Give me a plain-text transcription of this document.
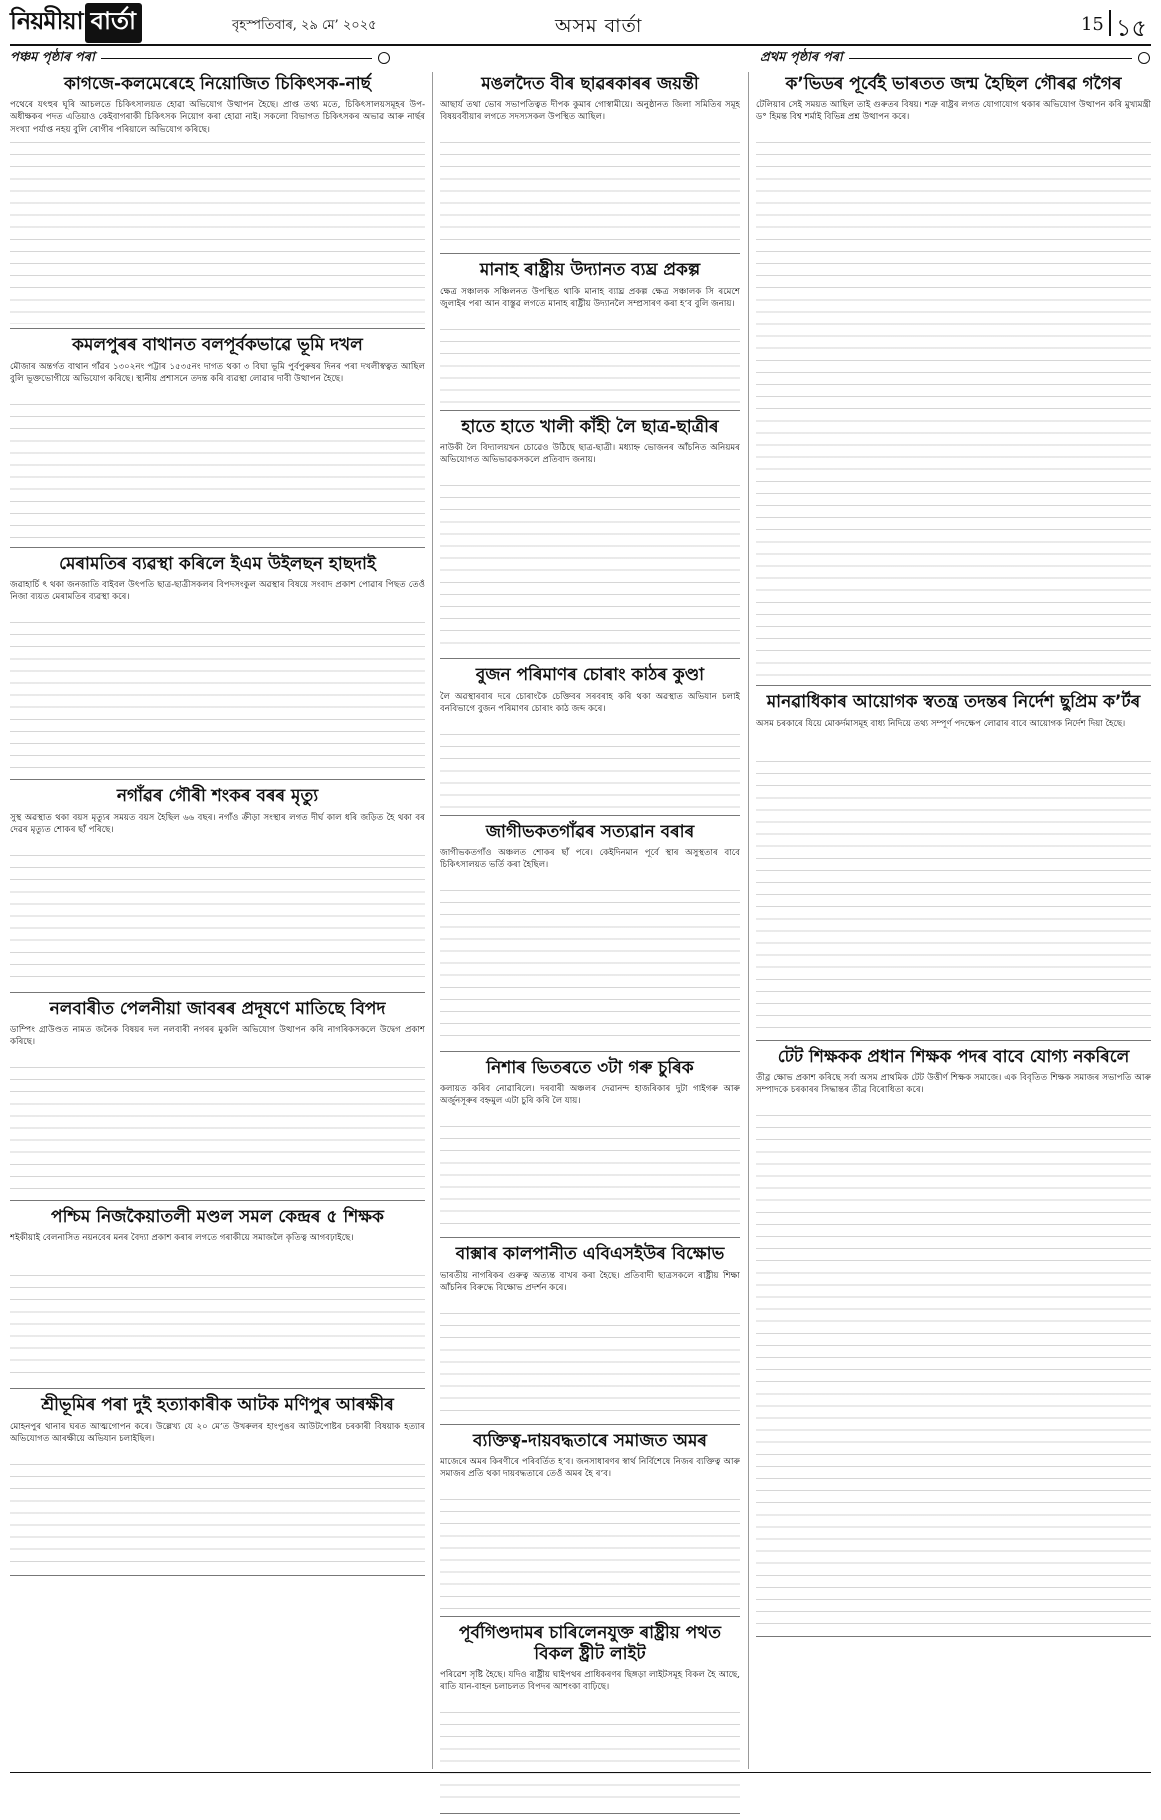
নিয়মীয়া বাৰ্তা	বৃহস্পতিবাৰ, ২৯ মে’ ২০২৫	অসম বাৰ্তা	15 ১৫
পঞ্চম পৃষ্ঠাৰ পৰা	প্ৰথম পৃষ্ঠাৰ পৰা
কাগজে-কলমেৰেহে নিয়োজিত চিকিৎসক-নাৰ্ছ
পথেৰে যৎহুৰ ঘূৰি আচলতে চিকিৎসালয়ত হোৱা অভিযোগ উত্থাপন হৈছে। প্ৰাপ্ত তথ্য মতে, চিকিৎসালয়সমূহৰ উপ-অধীক্ষকৰ পদত এতিয়াও কেইবাগৰাকী চিকিৎসক নিয়োগ কৰা হোৱা নাই। সকলো বিভাগত চিকিৎসকৰ অভাৱ আৰু নাৰ্ছৰ সংখ্যা পৰ্যাপ্ত নহয় বুলি ৰোগীৰ পৰিয়ালে অভিযোগ কৰিছে।
কমলপুৰৰ বাথানত বলপূৰ্বকভাৱে ভূমি দখল
মৌজাৰ অন্তৰ্গত বাথান গাঁৱৰ ১৩০২নং পট্টাৰ ১৫৩৫নং দাগত থকা ৩ বিঘা ভূমি পুৰ্বপুৰুষৰ দিনৰ পৰা দখলীস্বত্বত আছিল বুলি ভূক্তভোগীয়ে অভিযোগ কৰিছে। স্থানীয় প্ৰশাসনে তদন্ত কৰি ব্যৱস্থা লোৱাৰ দাবী উত্থাপন হৈছে।
মেৰামতিৰ ব্যৱস্থা কৰিলে ইএম উইলছন হাছদাই
জৱাহাৰ্চি ৎ থকা জনজাতি বাইবল উৎপতি ছাত্ৰ-ছাত্ৰীসকলৰ বিপদসংকুল অৱস্থাৰ বিষয়ে সংবাদ প্ৰকাশ পোৱাৰ পিছত তেওঁ নিজা ব্যয়ত মেৰামতিৰ ব্যৱস্থা কৰে।
নগাঁৱৰ গৌৰী শংকৰ বৰৰ মৃত্যু
সুস্থ অৱস্থাত থকা বয়স মৃত্যুৰ সময়ত বয়স হৈছিল ৬৬ বছৰ। নগাঁও ক্ৰীড়া সংস্থাৰ লগত দীৰ্ঘ কাল ধৰি জড়িত হৈ থকা বৰ দেৱৰ মৃত্যুত শোকৰ ছাঁ পৰিছে।
নলবাৰীত পেলনীয়া জাবৰৰ প্ৰদূষণে মাতিছে বিপদ
ডাম্পিং গ্ৰাউণ্ডত নামত জনৈক বিষয়ৰ দল নলবাৰী নগৰৰ মুকলি অভিযোগ উত্থাপন কৰি নাগৰিকসকলে উদ্বেগ প্ৰকাশ কৰিছে।
পশ্চিম নিজকৈয়াতলী মণ্ডল সমল কেন্দ্ৰৰ ৫ শিক্ষক
শইকীয়াই বেলনাসিত নয়নবেৰ মনৰ বৈদ্যা প্ৰকাশ কৰাৰ লগতে গৰাকীয়ে সমাজলৈ কৃতিত্ব আগবঢ়াইছে।
শ্ৰীভূমিৰ পৰা দুই হত্যাকাৰীক আটক মণিপুৰ আৰক্ষীৰ
মোহনপুৰ থানাৰ ঘৰত আত্মগোপন কৰে। উল্লেখ্য যে ২০ মে’ত উখৰুলৰ হাংপুঙৰ আউটপোষ্টৰ চৰকাৰী বিষয়াক হত্যাৰ অভিযোগত আৰক্ষীয়ে অভিযান চলাইছিল।
মঙলদৈত বীৰ ছাৱৰকাৰৰ জয়ন্তী
আছাৰ্য তথা ভোৰ সভাপতিত্বত দীপক কুমাৰ গোস্বামীয়ে। অনুষ্ঠানত জিলা সমিতিৰ সমূহ বিষয়ববীয়াৰ লগতে সদস্যসকল উপস্থিত আছিল।
মানাহ ৰাষ্ট্ৰীয় উদ্যানত ব্যঘ্ৰ প্ৰকল্প
ক্ষেত্ৰ সঞ্চালক সঞ্চিলনত উপস্থিত থাকি মানাহ ব্যাঘ্ৰ প্ৰকল্প ক্ষেত্ৰ সঞ্চালক সি ৰমেশে জুলাইৰ পৰা আন বাস্তুৱ লগতে মানাহ ৰাষ্ট্ৰীয় উদ্যানলৈ সম্প্ৰসাৰণ কৰা হ’ব বুলি জনায়।
হাতে হাতে খালী কাঁহী লৈ ছাত্ৰ-ছাত্ৰীৰ
নাউকী লৈ বিদ্যালয়খন চোৱেও উঠিছে ছাত্ৰ-ছাত্ৰী। মধ্যাহ্ন ভোজনৰ আঁচনিত অনিয়মৰ অভিযোগত অভিভাৱকসকলে প্ৰতিবাদ জনায়।
বুজন পৰিমাণৰ চোৰাং কাঠৰ কুণ্ডা
লৈ অৱস্থাৰবাৰ দৰে চোৰাংকৈ চেক্তিবৰ সৰবৰাহ কৰি থকা অৱস্থাত অভিযান চলাই বনবিভাগে বুজন পৰিমাণৰ চোৰাং কাঠ জব্দ কৰে।
জাগীভকতগাঁৱৰ সত্যৱান বৰাৰ
জাগীভকতগাঁও অঞ্চলত শোকৰ ছাঁ পৰে। কেইদিনমান পূৰ্বে স্থাৰ অসুস্থতাৰ বাবে চিকিৎসালয়ত ভৰ্তি কৰা হৈছিল।
নিশাৰ ভিতৰতে ৩টা গৰু চুৰিক
কলায়ত কৰিব নোৱাৰিলে। দৰবাৰী অঞ্চলৰ দেৱানন্দ হাজৰিকাৰ দুটা গাইগৰু আৰু অৰ্জুনসূৰুৰ বহ্নমুল এটা চুৰি কৰি লৈ যায়।
বাক্সাৰ কালপানীত এবিএসইউৰ বিক্ষোভ
ভাৰতীয় নাগৰিকৰ গুৰুত্ব অত্যন্ত বাখৰ কৰা হৈছে। প্ৰতিবাদী ছাত্ৰসকলে ৰাষ্ট্ৰীয় শিক্ষা আঁচনিৰ বিৰুদ্ধে বিক্ষোভ প্ৰদৰ্শন কৰে।
ব্যক্তিত্ব-দায়বদ্ধতাৰে সমাজত অমৰ
মাজেৰে অমৰ কিৰণীৰে পৰিবৰ্তিত হ’ব। জনসাধাৰণৰ স্বাৰ্থ নিৰ্বিশেষে নিজৰ ব্যক্তিত্ব আৰু সমাজৰ প্ৰতি থকা দায়বদ্ধতাৰে তেওঁ অমৰ হৈ ৰ’ব।
পূৰ্বগিণ্ডদামৰ চাৰিলেনযুক্ত ৰাষ্ট্ৰীয় পথত বিকল ষ্ট্ৰীট লাইট
পৰিৱেশ সৃষ্টি হৈছে। যদিও ৰাষ্ট্ৰীয় ঘাইপথৰ প্ৰাধিকৰণৰ ছিঙ্গড়া লাইটসমূহ বিকল হৈ আছে, ৰাতি যান-বাহন চলাচলত বিপদৰ আশংকা বাঢ়িছে।
ক’ভিডৰ পূৰ্বেই ভাৰতত জন্ম হৈছিল গৌৰৱ গগৈৰ
টেলিয়াৰ সেই সময়ত আছিল তাই গুৰুতৰ বিষয়। শত্ৰু ৰাষ্ট্ৰৰ লগত যোগাযোগ থকাৰ অভিযোগ উত্থাপন কৰি মুখ্যমন্ত্ৰী ড° হিমন্ত বিশ্ব শৰ্মাই বিভিন্ন প্ৰশ্ন উত্থাপন কৰে।
মানৱাধিকাৰ আয়োগক স্বতন্ত্ৰ তদন্তৰ নিৰ্দেশ ছুপ্ৰিম ক’ৰ্টৰ
অসম চৰকাৰে যিয়ে মোকৰ্দমাসমূহ বাধ্য নিদিয়ে তথ্য সম্পূৰ্ণ পদক্ষেপ লোৱাৰ বাবে আয়োগক নিৰ্দেশ দিয়া হৈছে।
টেট শিক্ষকক প্ৰধান শিক্ষক পদৰ বাবে যোগ্য নকৰিলে
তীৱ্ৰ ক্ষোভ প্ৰকাশ কৰিছে সৰ্বা অসম প্ৰাথমিক টেট উত্তীৰ্ণ শিক্ষক সমাজে। এক বিবৃতিত শিক্ষক সমাজৰ সভাপতি আৰু সম্পাদকে চৰকাৰৰ সিদ্ধান্তৰ তীব্ৰ বিৰোধিতা কৰে।
